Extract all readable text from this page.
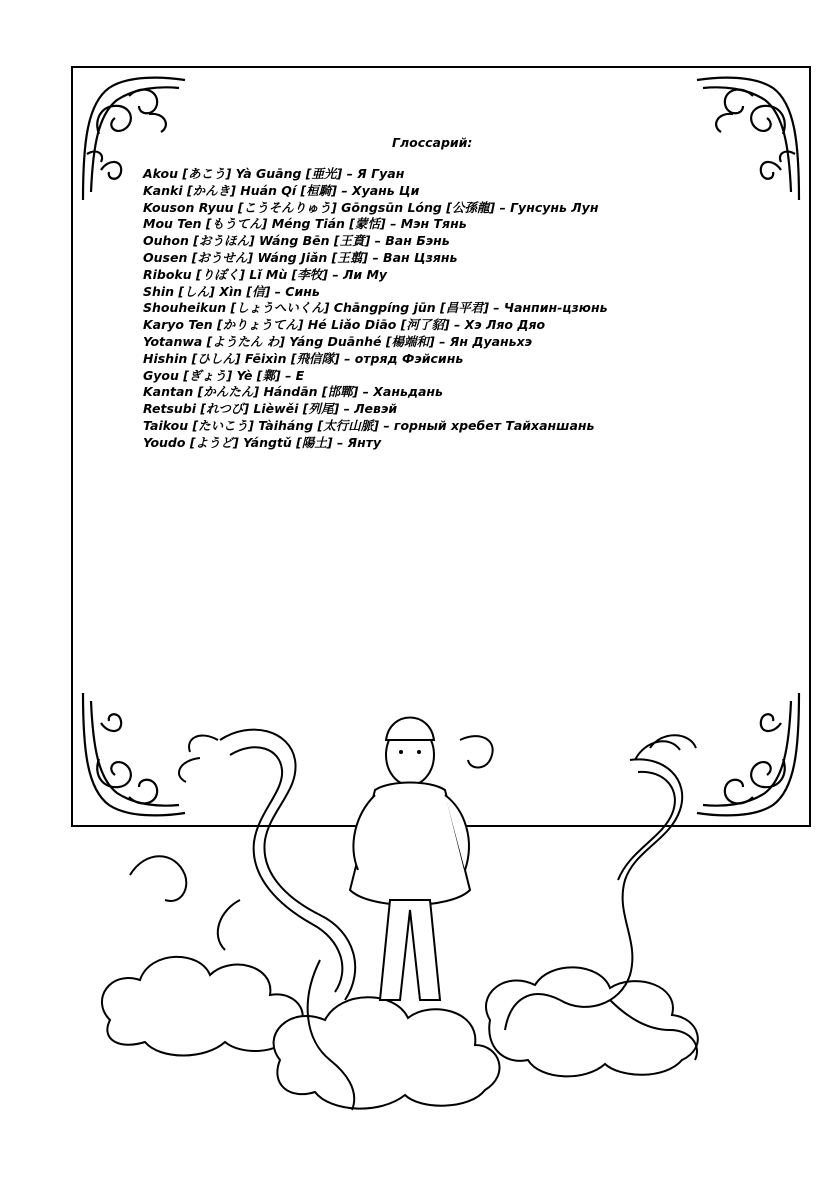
Глоссарий:
Akou [あこう] Yà Guāng [亜光] – Я Гуан
Kanki [かんき] Huán Qí [桓騎] – Хуань Ци
Kouson Ryuu [こうそんりゅう] Gōngsūn Lóng [公孫龍] – Гунсунь Лун
Mou Ten [もうてん] Méng Tián [蒙恬] – Мэн Тянь
Ouhon [おうほん] Wáng Bēn [王賁] – Ван Бэнь
Ousen [おうせん] Wáng Jiǎn [王翦] – Ван Цзянь
Riboku [りぼく] Lǐ Mù [李牧] – Ли Му
Shin [しん] Xìn [信] – Синь
Shouheikun [しょうへいくん] Chāngpíng jūn [昌平君] – Чанпин-цзюнь
Karyo Ten [かりょうてん] Hé Liǎo Diāo [河了貂] – Хэ Ляо Дяо
Yotanwa [ようたん わ] Yáng Duānhé [楊端和] – Ян Дуаньхэ
Hishin [ひしん] Fēixìn [飛信隊] – отряд Фэйсинь
Gyou [ぎょう] Yè [鄴] – Е
Kantan [かんたん] Hándān [邯鄲] – Ханьдань
Retsubi [れつび] Lièwěi [列尾] – Левэй
Taikou [たいこう] Tàiháng [太行山脈] – горный хребет Тайханшань
Youdo [ようど] Yángtǔ [陽土] – Янту
